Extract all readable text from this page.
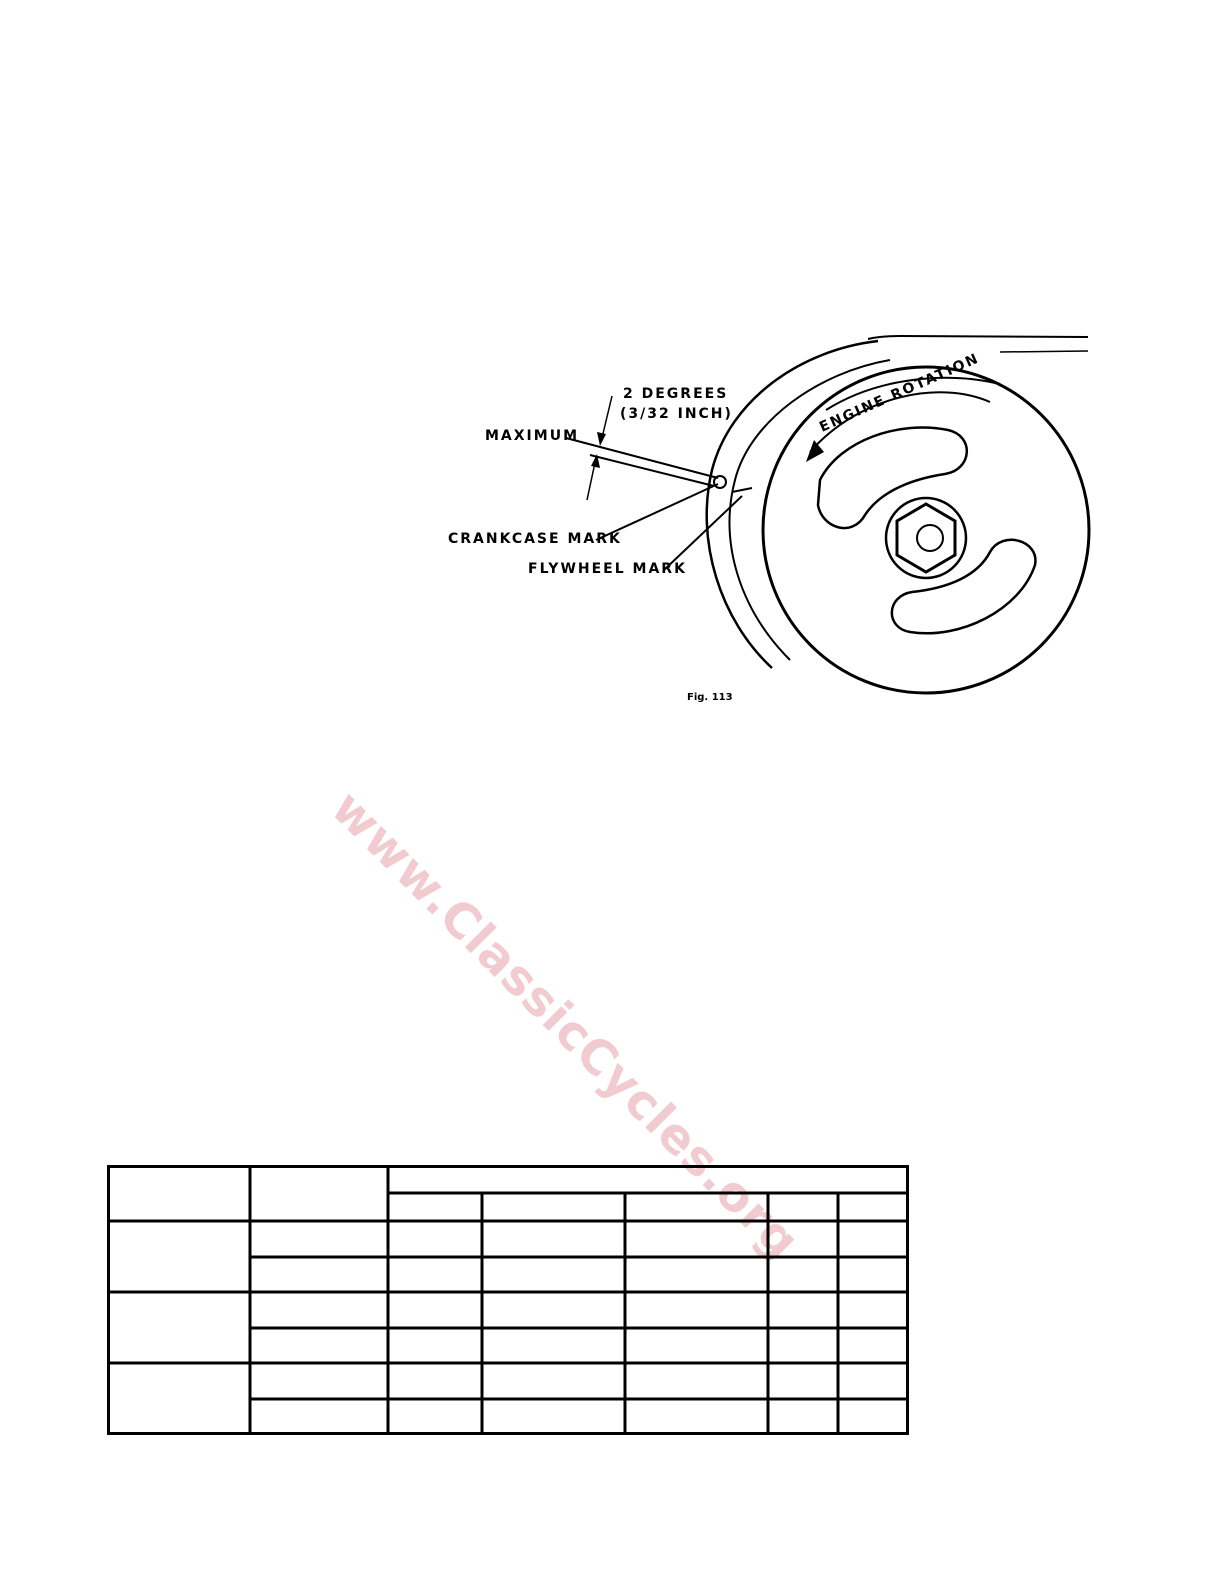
ENGINE ROTATION
2 DEGREES
(3/32 INCH)
MAXIMUM
CRANKCASE MARK
FLYWHEEL MARK
Fig. 113
www.ClassicCycles.org
